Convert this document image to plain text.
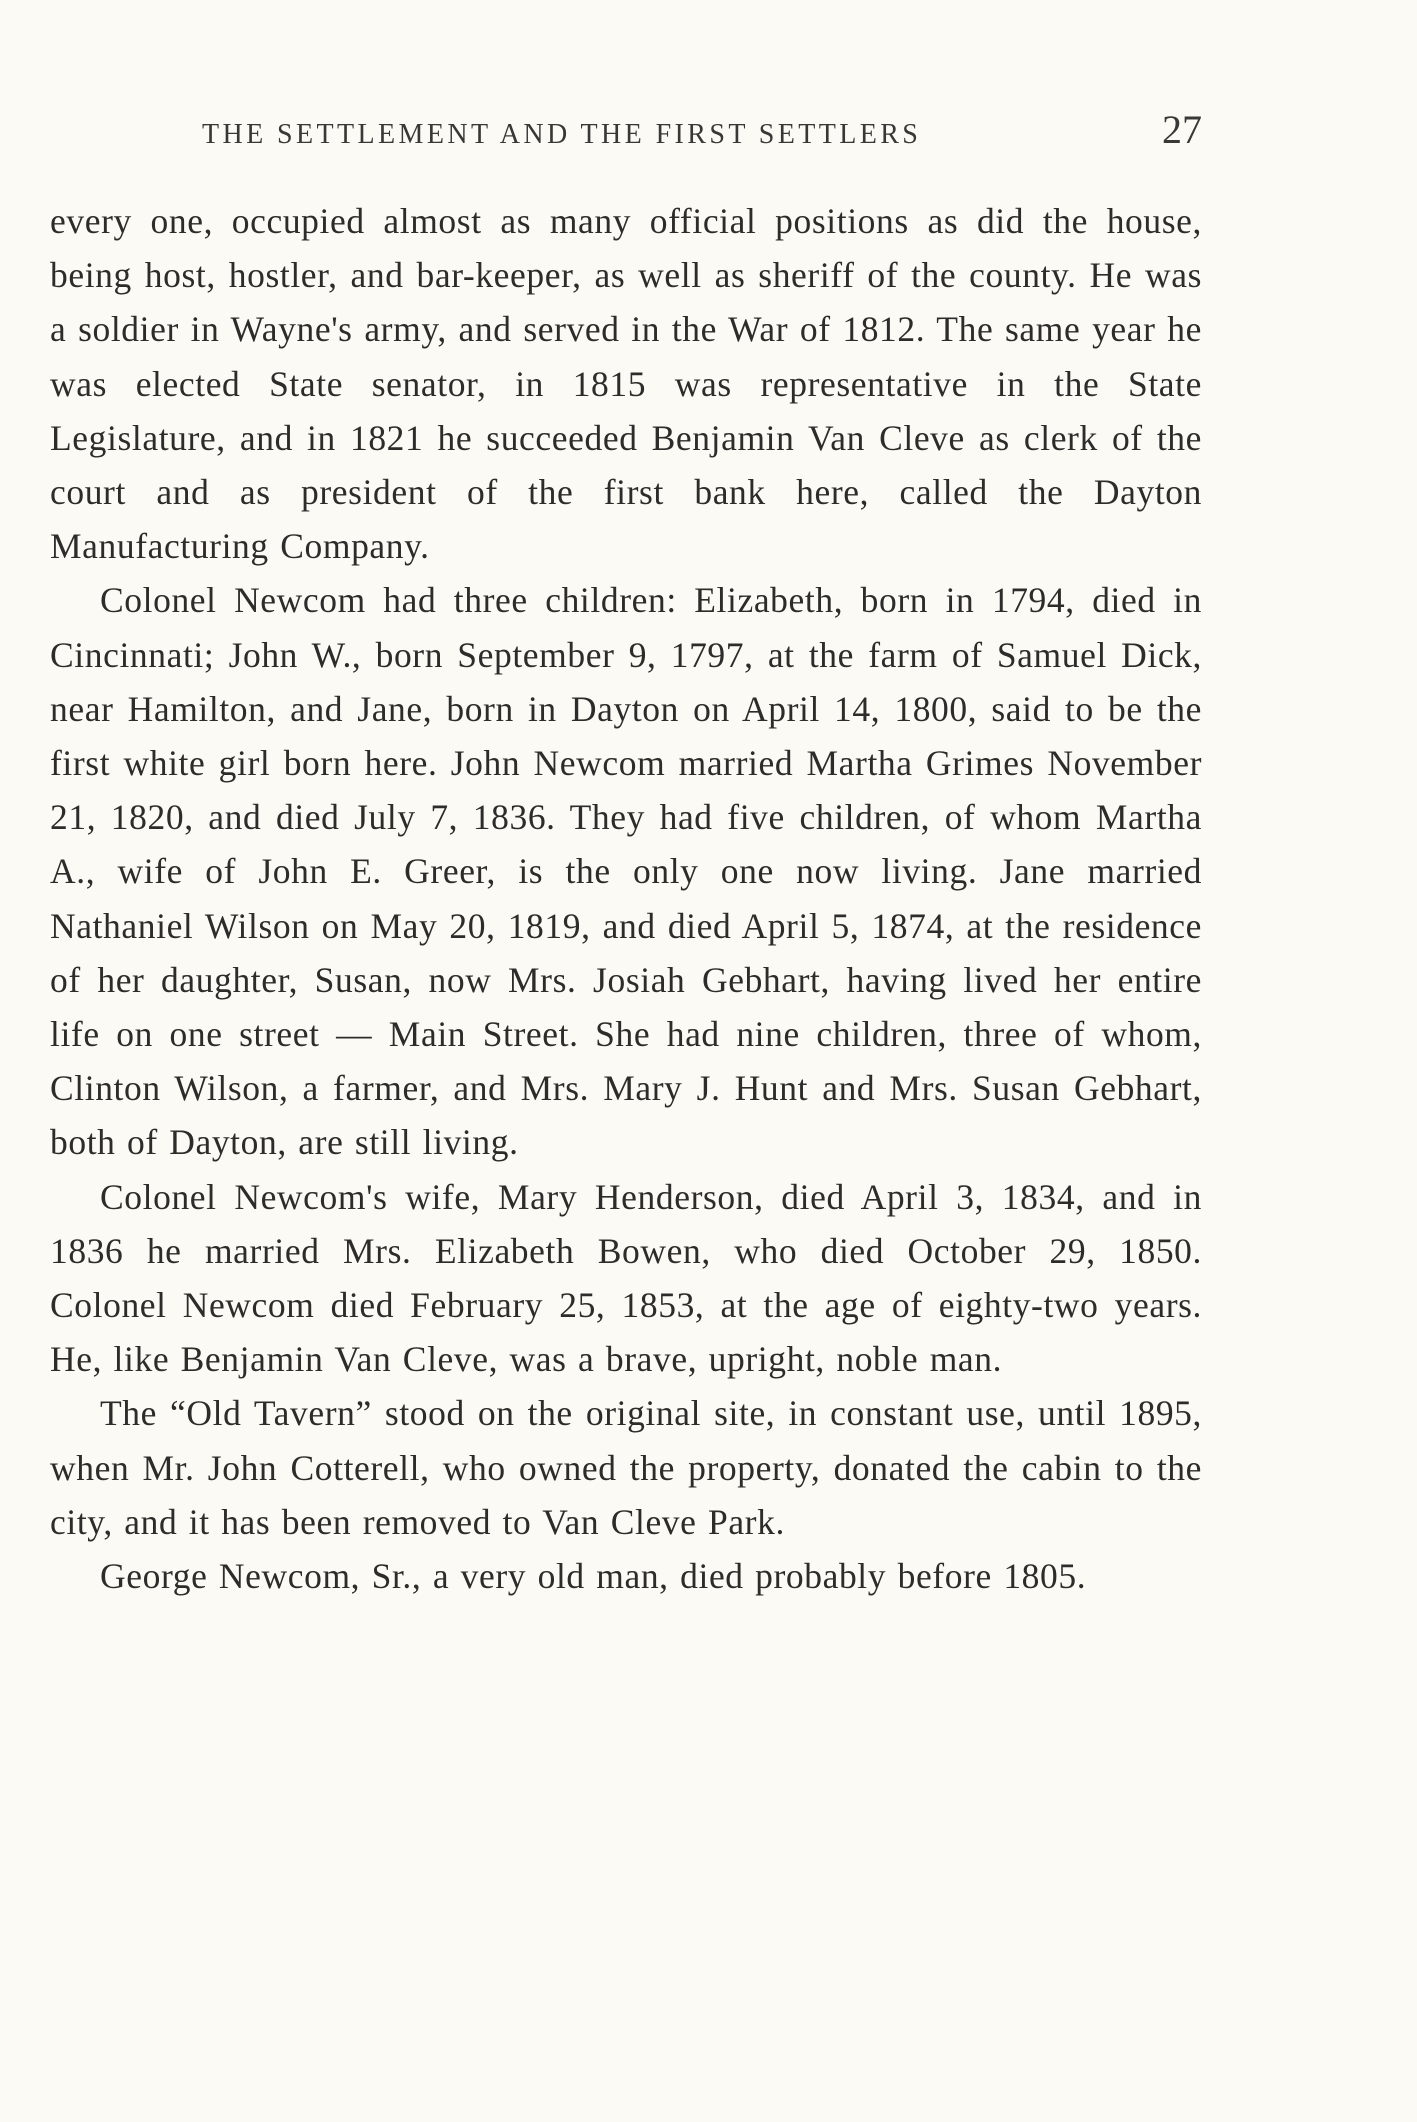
THE SETTLEMENT AND THE FIRST SETTLERS	27

every one, occupied almost as many official positions as did the house, being host, hostler, and bar-keeper, as well as sheriff of the county. He was a soldier in Wayne's army, and served in the War of 1812. The same year he was elected State senator, in 1815 was representative in the State Legislature, and in 1821 he succeeded Benjamin Van Cleve as clerk of the court and as president of the first bank here, called the Dayton Manufacturing Company.

Colonel Newcom had three children: Elizabeth, born in 1794, died in Cincinnati; John W., born September 9, 1797, at the farm of Samuel Dick, near Hamilton, and Jane, born in Dayton on April 14, 1800, said to be the first white girl born here. John Newcom married Martha Grimes November 21, 1820, and died July 7, 1836. They had five children, of whom Martha A., wife of John E. Greer, is the only one now living. Jane married Nathaniel Wilson on May 20, 1819, and died April 5, 1874, at the residence of her daughter, Susan, now Mrs. Josiah Gebhart, having lived her entire life on one street — Main Street. She had nine children, three of whom, Clinton Wilson, a farmer, and Mrs. Mary J. Hunt and Mrs. Susan Gebhart, both of Dayton, are still living.

Colonel Newcom's wife, Mary Henderson, died April 3, 1834, and in 1836 he married Mrs. Elizabeth Bowen, who died October 29, 1850. Colonel Newcom died February 25, 1853, at the age of eighty-two years. He, like Benjamin Van Cleve, was a brave, upright, noble man.

The “Old Tavern” stood on the original site, in constant use, until 1895, when Mr. John Cotterell, who owned the property, donated the cabin to the city, and it has been removed to Van Cleve Park.

George Newcom, Sr., a very old man, died probably before 1805.
